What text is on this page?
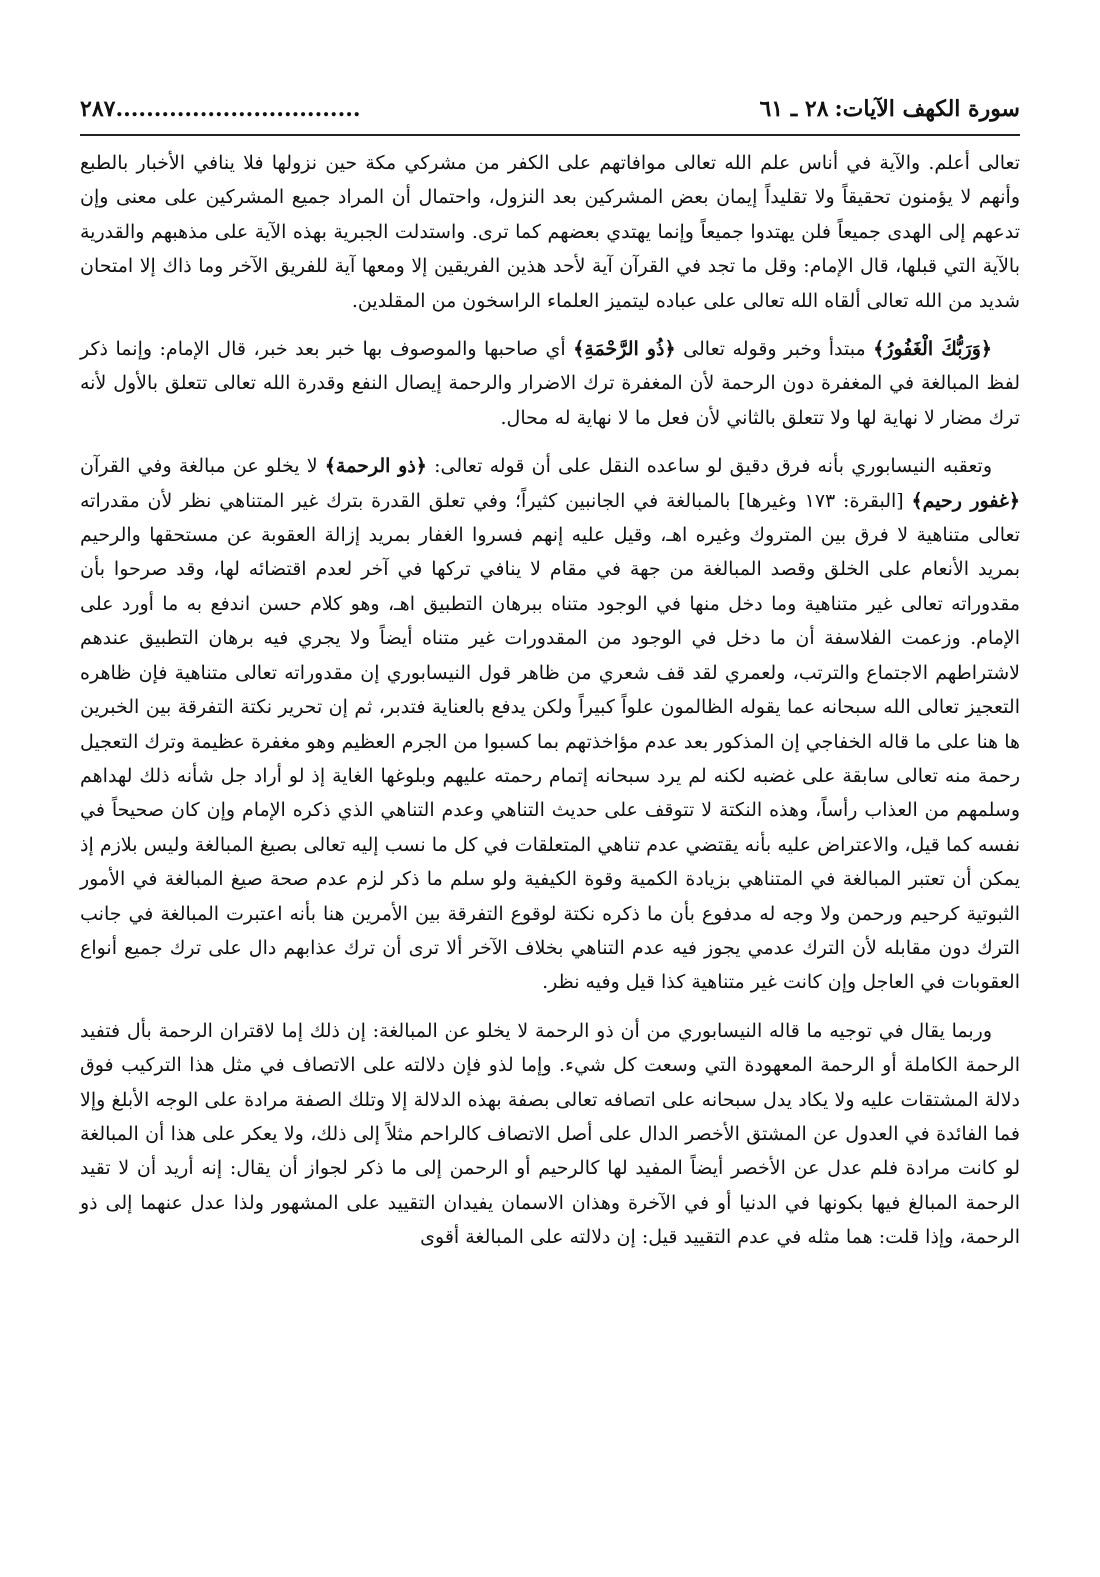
سورة الكهف الآيات:٢٨ ـ ٦١
٢٨٧................................

تعالى أعلم. والآية في أناس علم الله تعالى موافاتهم على الكفر من مشركي مكة حين نزولها فلا ينافي الأخبار بالطبع وأنهم لا يؤمنون تحقيقاً ولا تقليداً إيمان بعض المشركين بعد النزول، واحتمال أن المراد جميع المشركين على معنى وإن تدعهم إلى الهدى جميعاً فلن يهتدوا جميعاً وإنما يهتدي بعضهم كما ترى. واستدلت الجبرية بهذه الآية على مذهبهم والقدرية بالآية التي قبلها، قال الإمام: وقل ما تجد في القرآن آية لأحد هذين الفريقين إلا ومعها آية للفريق الآخر وما ذاك إلا امتحان شديد من الله تعالى ألقاه الله تعالى على عباده ليتميز العلماء الراسخون من المقلدين.

﴿وَرَبُّكَ الْغَفُورُ﴾ مبتدأ وخبر وقوله تعالى ﴿ذُو الرَّحْمَةِ﴾ أي صاحبها والموصوف بها خبر بعد خبر، قال الإمام: وإنما ذكر لفظ المبالغة في المغفرة دون الرحمة لأن المغفرة ترك الاضرار والرحمة إيصال النفع وقدرة الله تعالى تتعلق بالأول لأنه ترك مضار لا نهاية لها ولا تتعلق بالثاني لأن فعل ما لا نهاية له محال.

وتعقبه النيسابوري بأنه فرق دقيق لو ساعده النقل على أن قوله تعالى: ﴿ذو الرحمة﴾ لا يخلو عن مبالغة وفي القرآن ﴿غفور رحيم﴾ [البقرة: ١٧٣ وغيرها] بالمبالغة في الجانبين كثيراً؛ وفي تعلق القدرة بترك غير المتناهي نظر لأن مقدراته تعالى متناهية لا فرق بين المتروك وغيره اهـ، وقيل عليه إنهم فسروا الغفار بمريد إزالة العقوبة عن مستحقها والرحيم بمريد الأنعام على الخلق وقصد المبالغة من جهة في مقام لا ينافي تركها في آخر لعدم اقتضائه لها، وقد صرحوا بأن مقدوراته تعالى غير متناهية وما دخل منها في الوجود متناه ببرهان التطبيق اهـ، وهو كلام حسن اندفع به ما أورد على الإمام. وزعمت الفلاسفة أن ما دخل في الوجود من المقدورات غير متناه أيضاً ولا يجري فيه برهان التطبيق عندهم لاشتراطهم الاجتماع والترتب، ولعمري لقد قف شعري من ظاهر قول النيسابوري إن مقدوراته تعالى متناهية فإن ظاهره التعجيز تعالى الله سبحانه عما يقوله الظالمون علواً كبيراً ولكن يدفع بالعناية فتدبر، ثم إن تحرير نكتة التفرقة بين الخبرين ها هنا على ما قاله الخفاجي إن المذكور بعد عدم مؤاخذتهم بما كسبوا من الجرم العظيم وهو مغفرة عظيمة وترك التعجيل رحمة منه تعالى سابقة على غضبه لكنه لم يرد سبحانه إتمام رحمته عليهم وبلوغها الغاية إذ لو أراد جل شأنه ذلك لهداهم وسلمهم من العذاب رأساً، وهذه النكتة لا تتوقف على حديث التناهي وعدم التناهي الذي ذكره الإمام وإن كان صحيحاً في نفسه كما قيل، والاعتراض عليه بأنه يقتضي عدم تناهي المتعلقات في كل ما نسب إليه تعالى بصيغ المبالغة وليس بلازم إذ يمكن أن تعتبر المبالغة في المتناهي بزيادة الكمية وقوة الكيفية ولو سلم ما ذكر لزم عدم صحة صيغ المبالغة في الأمور الثبوتية كرحيم ورحمن ولا وجه له مدفوع بأن ما ذكره نكتة لوقوع التفرقة بين الأمرين هنا بأنه اعتبرت المبالغة في جانب الترك دون مقابله لأن الترك عدمي يجوز فيه عدم التناهي بخلاف الآخر ألا ترى أن ترك عذابهم دال على ترك جميع أنواع العقوبات في العاجل وإن كانت غير متناهية كذا قيل وفيه نظر.

وربما يقال في توجيه ما قاله النيسابوري من أن ذو الرحمة لا يخلو عن المبالغة: إن ذلك إما لاقتران الرحمة بأل فتفيد الرحمة الكاملة أو الرحمة المعهودة التي وسعت كل شيء. وإما لذو فإن دلالته على الاتصاف في مثل هذا التركيب فوق دلالة المشتقات عليه ولا يكاد يدل سبحانه على اتصافه تعالى بصفة بهذه الدلالة إلا وتلك الصفة مرادة على الوجه الأبلغ وإلا فما الفائدة في العدول عن المشتق الأخصر الدال على أصل الاتصاف كالراحم مثلاً إلى ذلك، ولا يعكر على هذا أن المبالغة لو كانت مرادة فلم عدل عن الأخصر أيضاً المفيد لها كالرحيم أو الرحمن إلى ما ذكر لجواز أن يقال: إنه أريد أن لا تقيد الرحمة المبالغ فيها بكونها في الدنيا أو في الآخرة وهذان الاسمان يفيدان التقييد على المشهور ولذا عدل عنهما إلى ذو الرحمة، وإذا قلت: هما مثله في عدم التقييد قيل: إن دلالته على المبالغة أقوى
